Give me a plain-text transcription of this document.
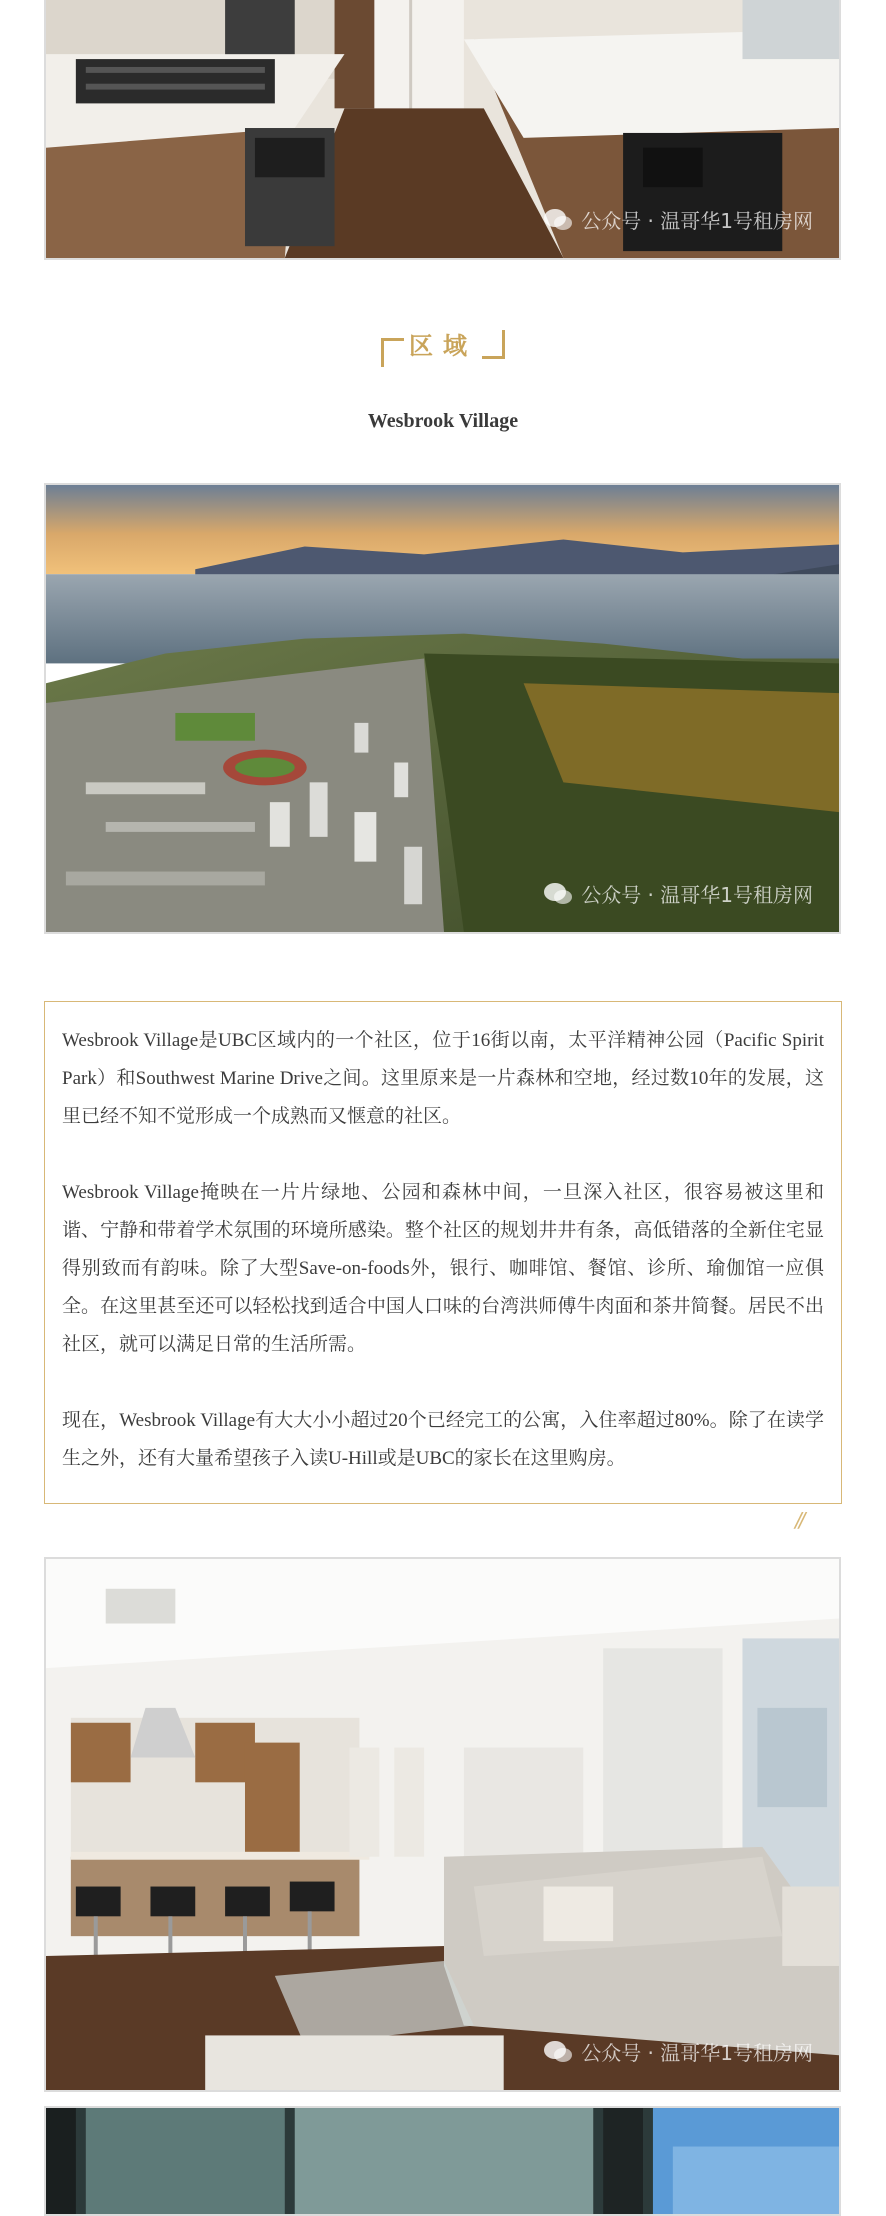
公众号 · 温哥华1号租房网
区域
Wesbrook Village
公众号 · 温哥华1号租房网

Wesbrook Village是UBC区域内的一个社区，位于16街以南，太平洋精神公园（Pacific Spirit Park）和Southwest Marine Drive之间。这里原来是一片森林和空地，经过数10年的发展，这里已经不知不觉形成一个成熟而又惬意的社区。

Wesbrook Village掩映在一片片绿地、公园和森林中间，一旦深入社区，很容易被这里和谐、宁静和带着学术氛围的环境所感染。整个社区的规划井井有条，高低错落的全新住宅显得别致而有韵味。除了大型Save-on-foods外，银行、咖啡馆、餐馆、诊所、瑜伽馆一应俱全。在这里甚至还可以轻松找到适合中国人口味的台湾洪师傅牛肉面和茶井简餐。居民不出社区，就可以满足日常的生活所需。

现在，Wesbrook Village有大大小小超过20个已经完工的公寓，入住率超过80%。除了在读学生之外，还有大量希望孩子入读U-Hill或是UBC的家长在这里购房。

//
公众号 · 温哥华1号租房网
